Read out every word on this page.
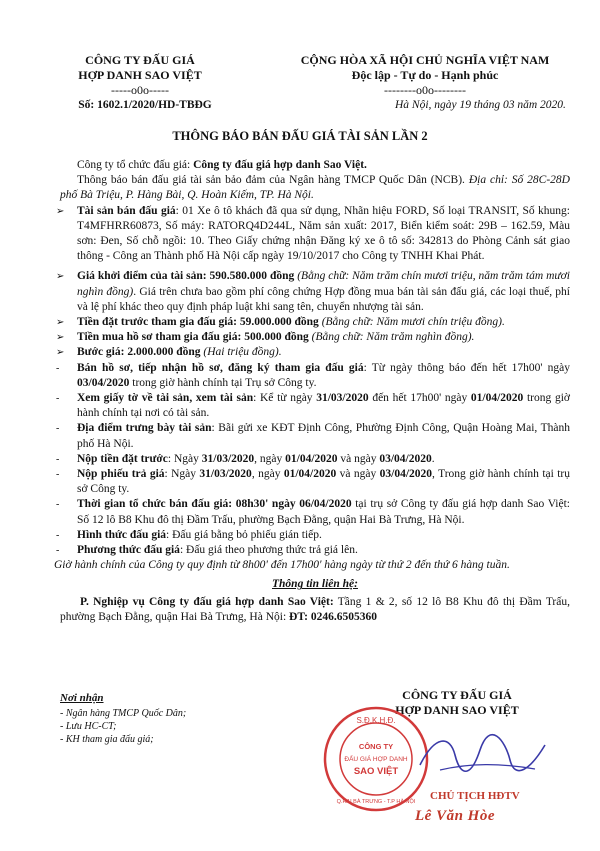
CÔNG TY ĐẤU GIÁ
HỢP DANH SAO VIỆT
-----o0o-----
CỘNG HÒA XÃ HỘI CHỦ NGHĨA VIỆT NAM
Độc lập - Tự do - Hạnh phúc
--------o0o--------
Số: 1602.1/2020/HD-TBĐG	Hà Nội, ngày 19 tháng 03 năm 2020.
THÔNG BÁO BÁN ĐẤU GIÁ TÀI SẢN LẦN 2

Công ty tổ chức đấu giá: Công ty đấu giá hợp danh Sao Việt.

Thông báo bán đấu giá tài sản bảo đảm của Ngân hàng TMCP Quốc Dân (NCB). Địa chỉ: Số 28C-28D phố Bà Triệu, P. Hàng Bài, Q. Hoàn Kiếm, TP. Hà Nội.

➢ Tài sản bán đấu giá: 01 Xe ô tô khách đã qua sử dụng, Nhãn hiệu FORD, Số loại TRANSIT, Số khung: T4MFHRR60873, Số máy: RATORQ4D244L, Năm sản xuất: 2017, Biển kiểm soát: 29B – 162.59, Màu sơn: Đen, Số chỗ ngồi: 10. Theo Giấy chứng nhận Đăng ký xe ô tô số: 342813 do Phòng Cảnh sát giao thông - Công an Thành phố Hà Nội cấp ngày 19/10/2017 cho Công ty TNHH Khai Phát.

➢ Giá khởi điểm của tài sản: 590.580.000 đồng (Bằng chữ: Năm trăm chín mươi triệu, năm trăm tám mươi nghìn đồng). Giá trên chưa bao gồm phí công chứng Hợp đồng mua bán tài sản đấu giá, các loại thuế, phí và lệ phí khác theo quy định pháp luật khi sang tên, chuyển nhượng tài sản.

➢ Tiền đặt trước tham gia đấu giá: 59.000.000 đồng (Bằng chữ: Năm mươi chín triệu đồng).

➢ Tiền mua hồ sơ tham gia đấu giá: 500.000 đồng (Bằng chữ: Năm trăm nghìn đồng).

➢ Bước giá: 2.000.000 đồng (Hai triệu đồng).

- Bán hồ sơ, tiếp nhận hồ sơ, đăng ký tham gia đấu giá: Từ ngày thông báo đến hết 17h00' ngày 03/04/2020 trong giờ hành chính tại Trụ sở Công ty.

- Xem giấy tờ về tài sản, xem tài sản: Kể từ ngày 31/03/2020 đến hết 17h00' ngày 01/04/2020 trong giờ hành chính tại nơi có tài sản.

- Địa điểm trưng bày tài sản: Bãi gửi xe KĐT Định Công, Phường Định Công, Quận Hoàng Mai, Thành phố Hà Nội.

- Nộp tiền đặt trước: Ngày 31/03/2020, ngày 01/04/2020 và ngày 03/04/2020.

- Nộp phiếu trả giá: Ngày 31/03/2020, ngày 01/04/2020 và ngày 03/04/2020, Trong giờ hành chính tại trụ sở Công ty.

- Thời gian tổ chức bán đấu giá: 08h30' ngày 06/04/2020 tại trụ sở Công ty đấu giá hợp danh Sao Việt: Số 12 lô B8 Khu đô thị Đầm Trấu, phường Bạch Đằng, quận Hai Bà Trưng, Hà Nội.

- Hình thức đấu giá: Đấu giá bằng bỏ phiếu gián tiếp.

- Phương thức đấu giá: Đấu giá theo phương thức trả giá lên.

Giờ hành chính của Công ty quy định từ 8h00' đến 17h00' hàng ngày từ thứ 2 đến thứ 6 hàng tuần.

Thông tin liên hệ:

P. Nghiệp vụ Công ty đấu giá hợp danh Sao Việt: Tầng 1 & 2, số 12 lô B8 Khu đô thị Đầm Trấu, phường Bạch Đằng, quận Hai Bà Trưng, Hà Nội: ĐT: 0246.6505360

Nơi nhận
- Ngân hàng TMCP Quốc Dân;
- Lưu HC-CT;
- KH tham gia đấu giá;
CÔNG TY ĐẤU GIÁ
HỢP DANH SAO VIỆT
S.Đ.K.H.Đ.
CÔNG TY
ĐẤU GIÁ HỢP DANH
SAO VIỆT
Q.HAI BÀ TRƯNG - T.P HÀ NỘI CHỦ TỊCH HĐTV
Lê Văn Hòe
